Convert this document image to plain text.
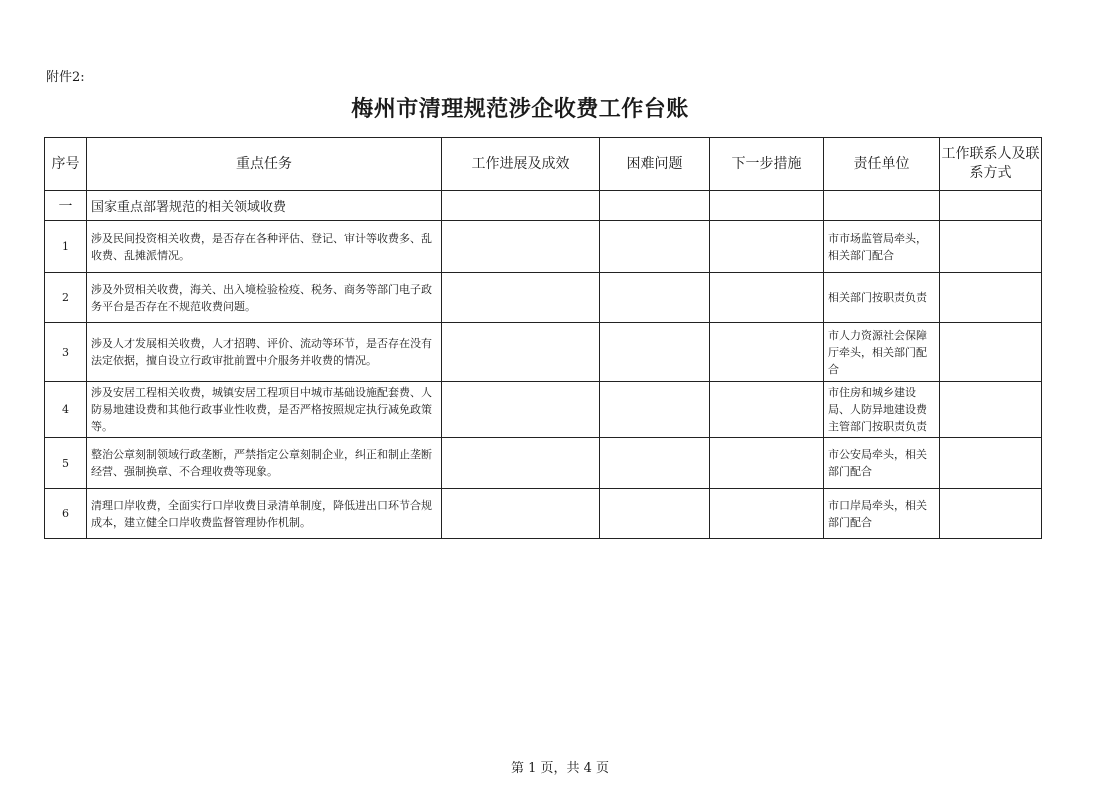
附件2:
梅州市清理规范涉企收费工作台账
序号	重点任务	工作进展及成效	困难问题	下一步措施	责任单位	工作联系人及联系方式
一	国家重点部署规范的相关领域收费					
1	涉及民间投资相关收费，是否存在各种评估、登记、审计等收费多、乱收费、乱摊派情况。				市市场监管局牵头，相关部门配合	
2	涉及外贸相关收费，海关、出入境检验检疫、税务、商务等部门电子政务平台是否存在不规范收费问题。				相关部门按职责负责	
3	涉及人才发展相关收费，人才招聘、评价、流动等环节，是否存在没有法定依据，擅自设立行政审批前置中介服务并收费的情况。				市人力资源社会保障厅牵头，相关部门配合	
4	涉及安居工程相关收费，城镇安居工程项目中城市基础设施配套费、人防易地建设费和其他行政事业性收费，是否严格按照规定执行减免政策等。				市住房和城乡建设局、人防异地建设费主管部门按职责负责	
5	整治公章刻制领域行政垄断，严禁指定公章刻制企业，纠正和制止垄断经营、强制换章、不合理收费等现象。				市公安局牵头，相关部门配合	
6	清理口岸收费，全面实行口岸收费目录清单制度，降低进出口环节合规成本，建立健全口岸收费监督管理协作机制。				市口岸局牵头，相关部门配合	
第 1 页，共 4 页
